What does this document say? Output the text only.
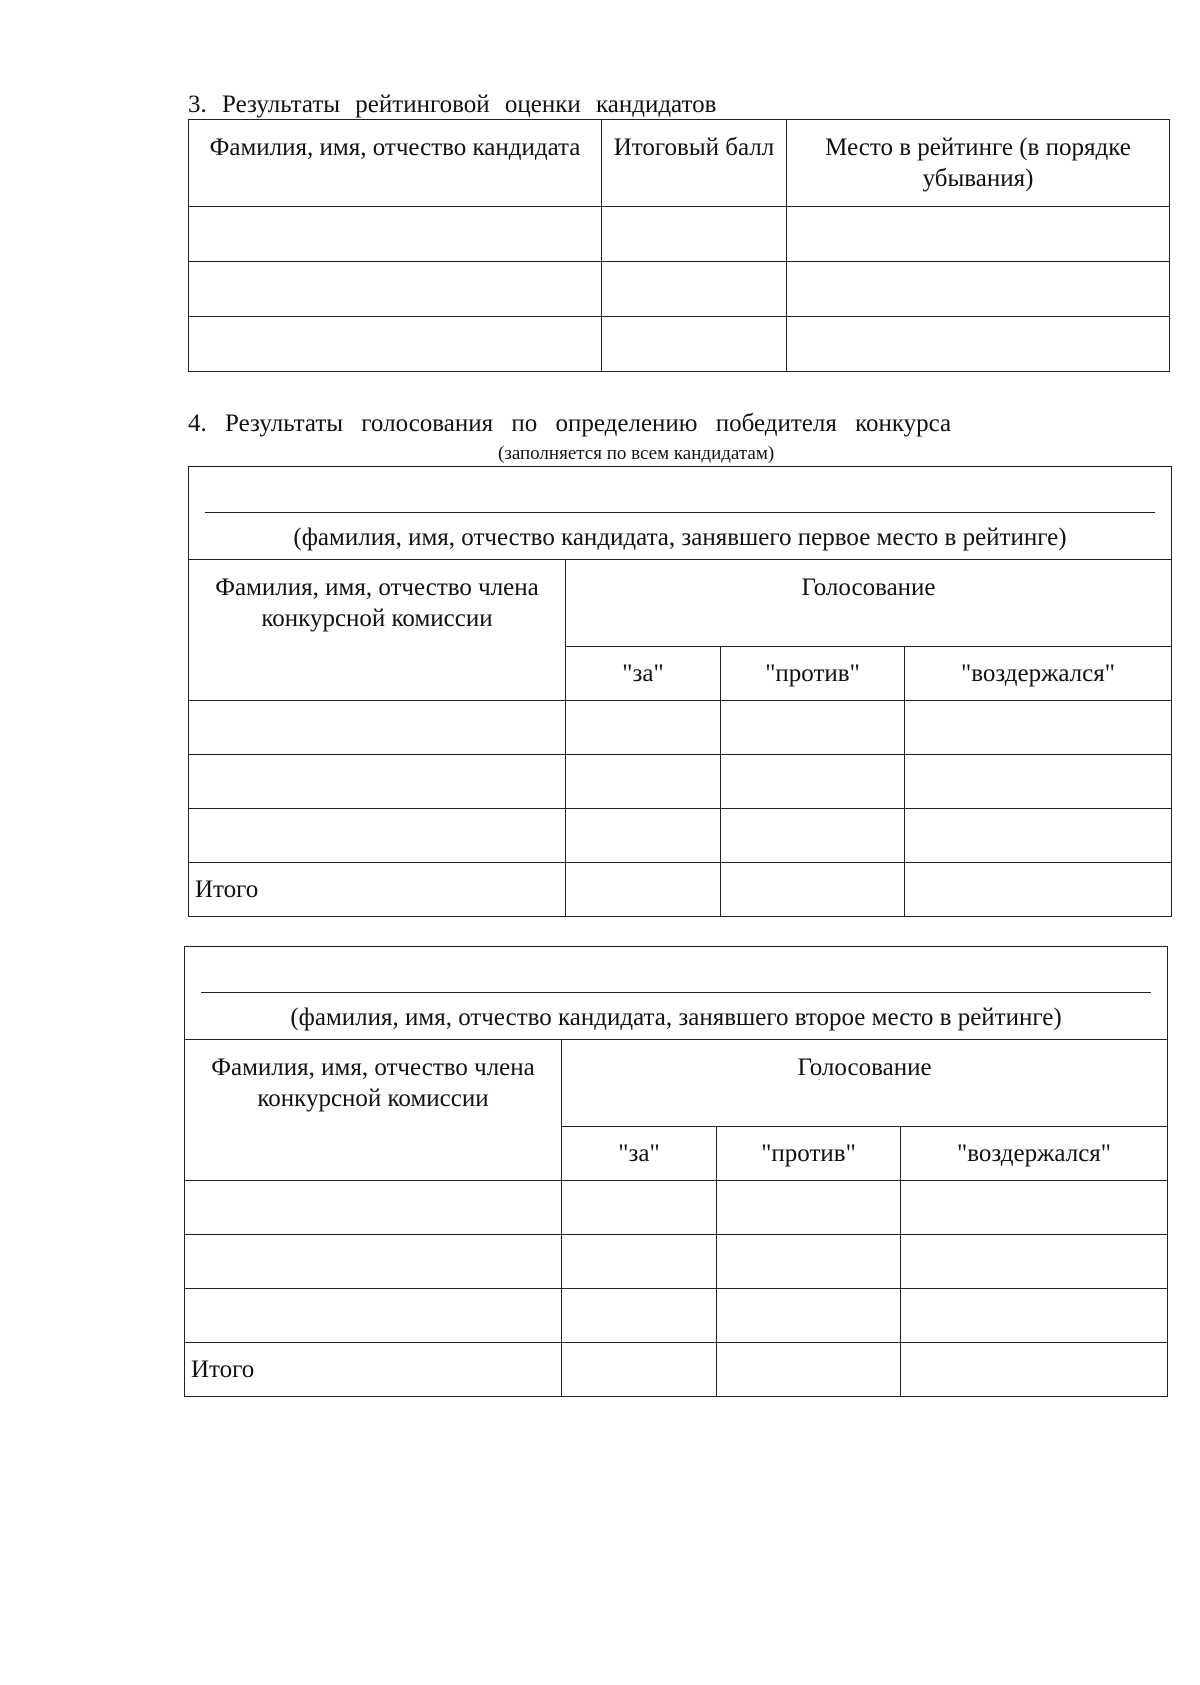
3. Результаты рейтинговой оценки кандидатов

Фамилия, имя, отчество кандидата	Итоговый балл	Место в рейтинге (в порядке убывания)

4. Результаты голосования по определению победителя конкурса

(заполняется по всем кандидатам)
(фамилия, имя, отчество кандидата, занявшего первое место в рейтинге)			

Фамилия, имя, отчество члена конкурсной комиссии	Голосование		
	"за"	"против"	"воздержался"

Итого			
(фамилия, имя, отчество кандидата, занявшего второе место в рейтинге)			

Фамилия, имя, отчество члена конкурсной комиссии	Голосование		
	"за"	"против"	"воздержался"

Итого			
